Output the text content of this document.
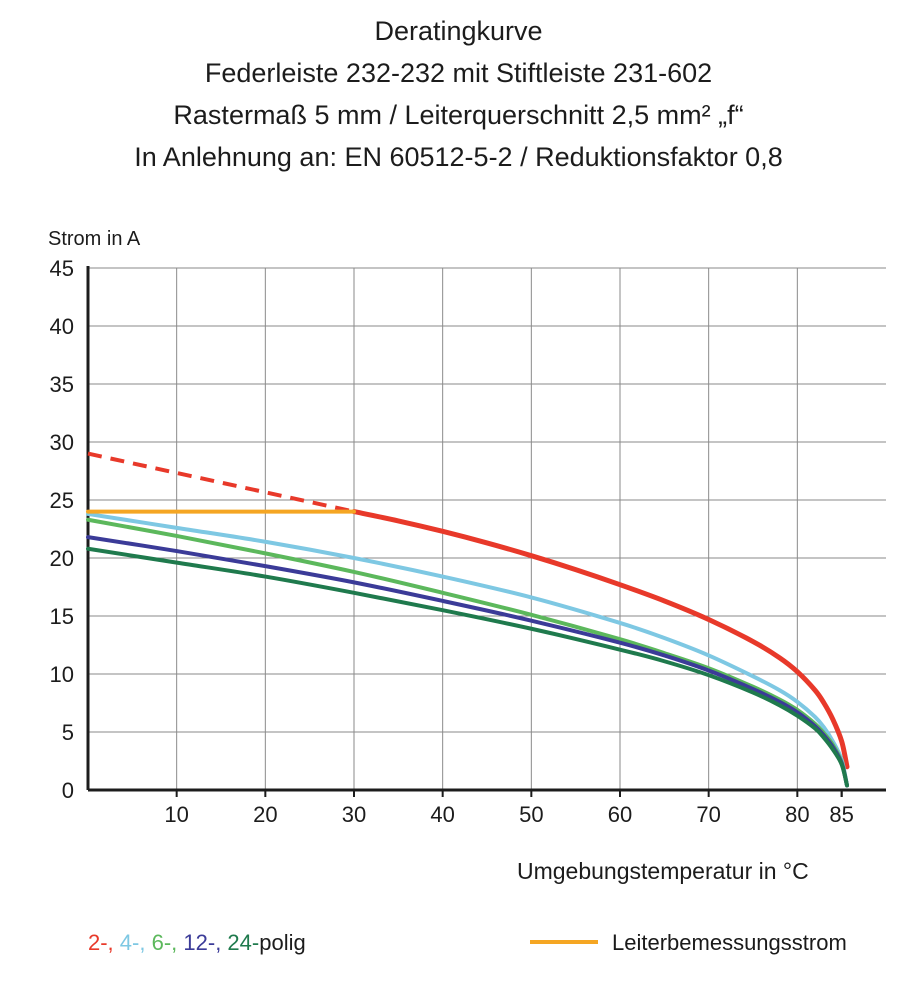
Deratingkurve
Federleiste 232-232 mit Stiftleiste 231-602
Rastermaß 5 mm / Leiterquerschnitt 2,5 mm² „f“
In Anlehnung an: EN 60512-5-2 / Reduktionsfaktor 0,8
Strom in A
Umgebungstemperatur in °C
0
5
10
15
20
25
30
35
40
45
10	20	30	40	50	60	70	80 85
2-, 4-, 6-, 12-, 24-polig	Leiterbemessungsstrom
